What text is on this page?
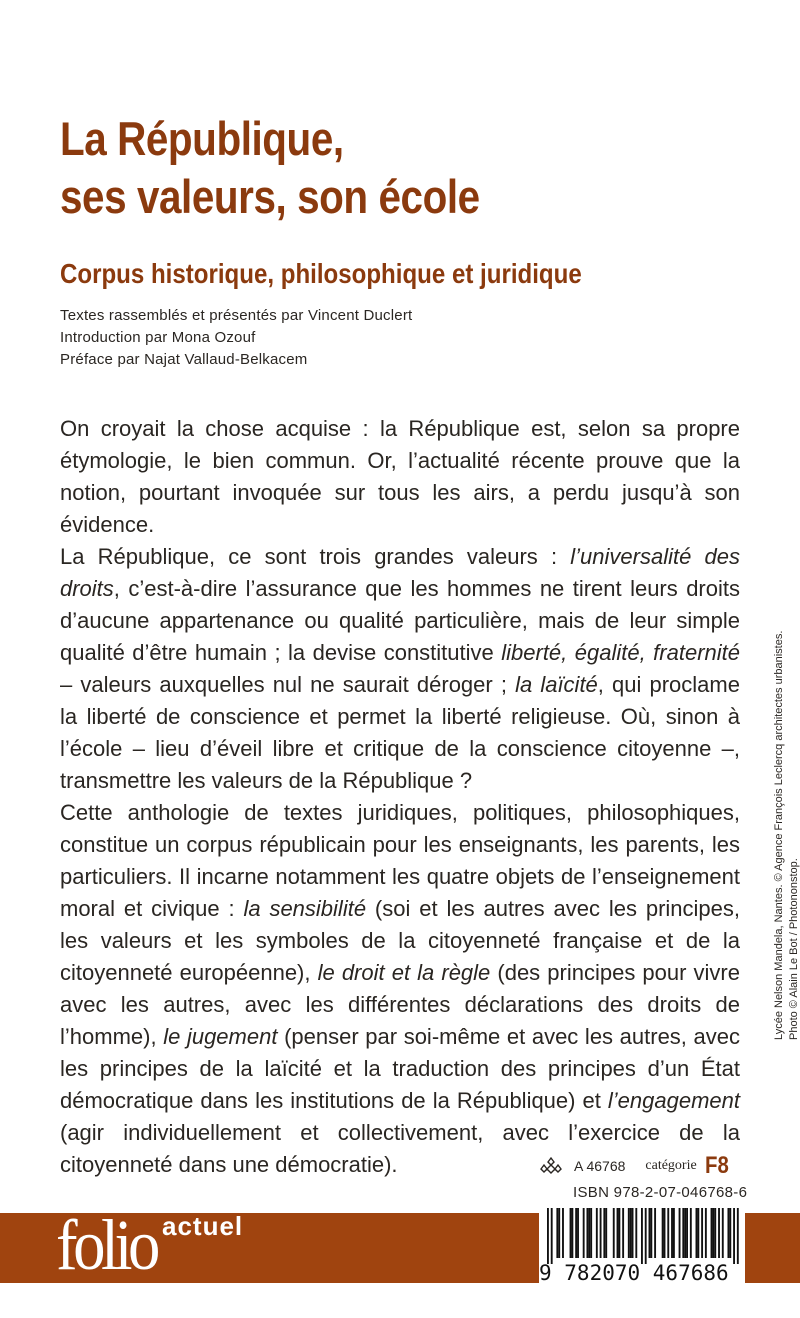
La République,
ses valeurs, son école
Corpus historique, philosophique et juridique
Textes rassemblés et présentés par Vincent Duclert
Introduction par Mona Ozouf
Préface par Najat Vallaud-Belkacem

On croyait la chose acquise : la République est, selon sa propre étymologie, le bien commun. Or, l’actualité récente prouve que la notion, pourtant invoquée sur tous les airs, a perdu jusqu’à son évidence.

La République, ce sont trois grandes valeurs : l’universalité des droits, c’est-à-dire l’assurance que les hommes ne tirent leurs droits d’aucune appartenance ou qualité particulière, mais de leur simple qualité d’être humain ; la devise constitutive liberté, égalité, fraternité – valeurs auxquelles nul ne saurait déroger ; la laïcité, qui proclame la liberté de conscience et permet la liberté religieuse. Où, sinon à l’école – lieu d’éveil libre et critique de la conscience citoyenne –, transmettre les valeurs de la République ?

Cette anthologie de textes juridiques, politiques, philosophiques, constitue un corpus républicain pour les enseignants, les parents, les particuliers. Il incarne notamment les quatre objets de l’enseignement moral et civique : la sensibilité (soi et les autres avec les principes, les valeurs et les symboles de la citoyenneté française et de la citoyenneté européenne), le droit et la règle (des principes pour vivre avec les autres, avec les différentes déclarations des droits de l’homme), le jugement (penser par soi-même et avec les autres, avec les principes de la laïcité et la traduction des principes d’un État démocratique dans les institutions de la République) et l’engagement (agir individuellement et collectivement, avec l’exercice de la citoyenneté dans une démocratie).

Lycée Nelson Mandela, Nantes. © Agence François Leclercq architectes urbanistes. Photo © Alain Le Bot / Photononstop.
A 46768 catégorie F8
ISBN 978-2-07-046768-6
folio actuel
9 782070 467686
